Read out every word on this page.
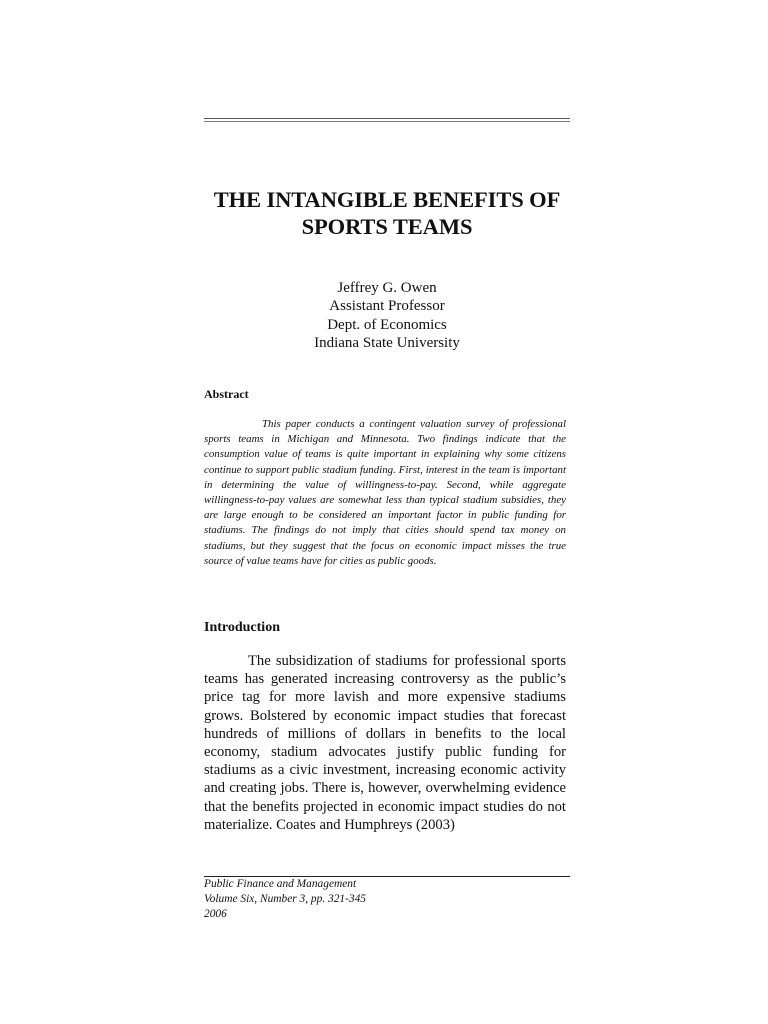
THE INTANGIBLE BENEFITS OF
SPORTS TEAMS
Jeffrey G. Owen
Assistant Professor
Dept. of Economics
Indiana State University
Abstract

This paper conducts a contingent valuation survey of professional sports teams in Michigan and Minnesota. Two findings indicate that the consumption value of teams is quite important in explaining why some citizens continue to support public stadium funding. First, interest in the team is important in determining the value of willingness-to-pay. Second, while aggregate willingness-to-pay values are somewhat less than typical stadium subsidies, they are large enough to be considered an important factor in public funding for stadiums. The findings do not imply that cities should spend tax money on stadiums, but they suggest that the focus on economic impact misses the true source of value teams have for cities as public goods.

Introduction

The subsidization of stadiums for professional sports teams has generated increasing controversy as the public’s price tag for more lavish and more expensive stadiums grows. Bolstered by economic impact studies that forecast hundreds of millions of dollars in benefits to the local economy, stadium advocates justify public funding for stadiums as a civic investment, increasing economic activity and creating jobs. There is, however, overwhelming evidence that the benefits projected in economic impact studies do not materialize. Coates and Humphreys (2003)

Public Finance and Management
Volume Six, Number 3, pp. 321-345
2006
